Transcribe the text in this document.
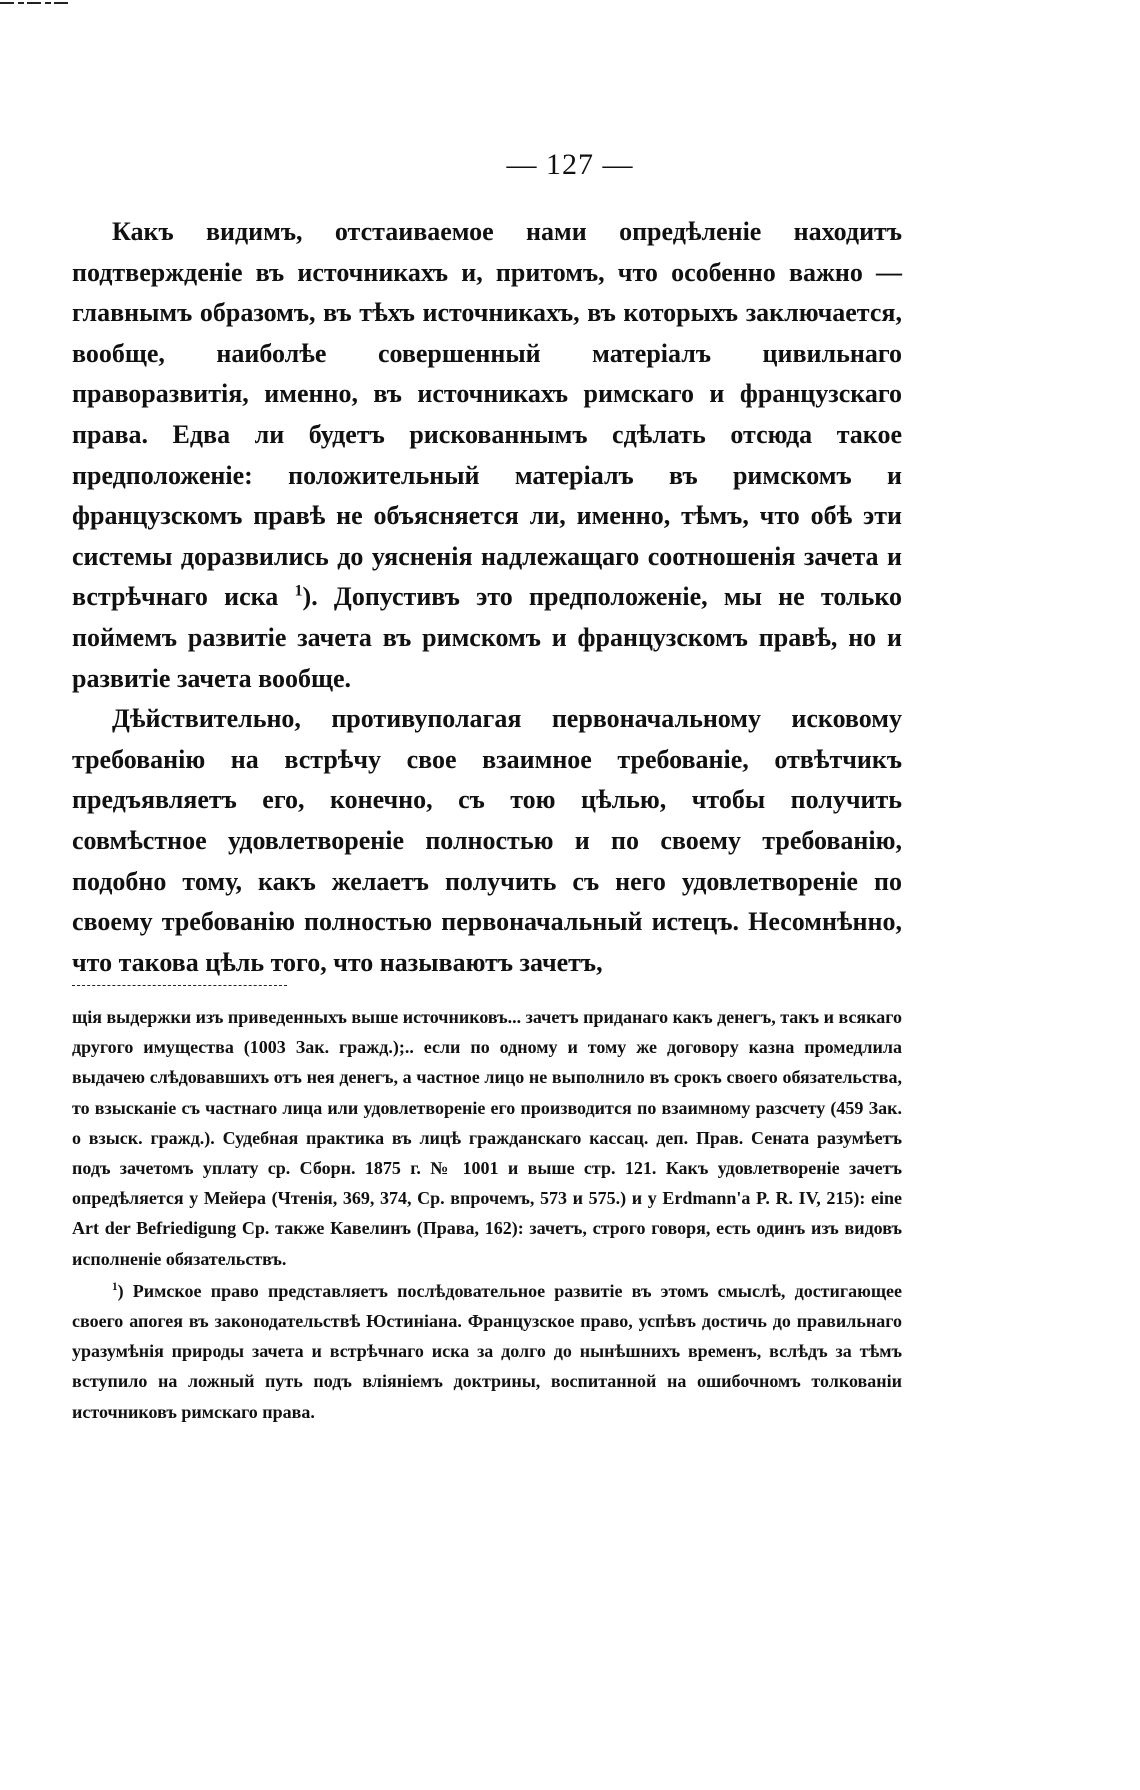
— 127 —

Какъ видимъ, отстаиваемое нами опредѣленіе находитъ подтвержденіе въ источникахъ и, притомъ, что особенно важно — главнымъ образомъ, въ тѣхъ источникахъ, въ которыхъ заключается, вообще, наиболѣе совершенный матеріалъ цивильнаго праворазвитія, именно, въ источникахъ римскаго и французскаго права. Едва ли будетъ рискованнымъ сдѣлать отсюда такое предположеніе: положительный матеріалъ въ римскомъ и французскомъ правѣ не объясняется ли, именно, тѣмъ, что обѣ эти системы доразвились до уясненія надлежащаго соотношенія зачета и встрѣчнаго иска $^1$). Допустивъ это предположеніе, мы не только поймемъ развитіе зачета въ римскомъ и французскомъ правѣ, но и развитіе зачета вообще.

Дѣйствительно, противуполагая первоначальному исковому требованію на встрѣчу свое взаимное требованіе, отвѣтчикъ предъявляетъ его, конечно, съ тою цѣлью, чтобы получить совмѣстное удовлетвореніе полностью и по своему требованію, подобно тому, какъ желаетъ получить съ него удовлетвореніе по своему требованію полностью первоначальный истецъ. Несомнѣнно, что такова цѣль того, что называютъ зачетъ,

щія выдержки изъ приведенныхъ выше источниковъ... зачетъ приданаго какъ денегъ, такъ и всякаго другого имущества (1003 Зак. гражд.);.. если по одному и тому же договору казна промедлила выдачею слѣдовавшихъ отъ нея денегъ, а частное лицо не выполнило въ срокъ своего обязательства, то взысканіе съ частнаго лица или удовлетвореніе его производится по взаимному разсчету (459 Зак. о взыск. гражд.). Судебная практика въ лицѣ гражданскаго кассац. деп. Прав. Сената разумѣетъ подъ зачетомъ уплату ср. Сборн. 1875 г. № 1001 и выше стр. 121. Какъ удовлетвореніе зачетъ опредѣляется у Мейера (Чтенія, 369, 374, Ср. впрочемъ, 573 и 575.) и у Erdmann'a P. R. IV, 215): eine Art der Befriedigung Ср. также Кавелинъ (Права, 162): зачетъ, строго говоря, есть одинъ изъ видовъ исполненіе обязательствъ.

$^1$) Римское право представляетъ послѣдовательное развитіе въ этомъ смыслѣ, достигающее своего апогея въ законодательствѣ Юстиніана. Французское право, успѣвъ достичь до правильнаго уразумѣнія природы зачета и встрѣчнаго иска за долго до нынѣшнихъ временъ, вслѣдъ за тѣмъ вступило на ложный путь подъ вліяніемъ доктрины, воспитанной на ошибочномъ толкованіи источниковъ римскаго права.
